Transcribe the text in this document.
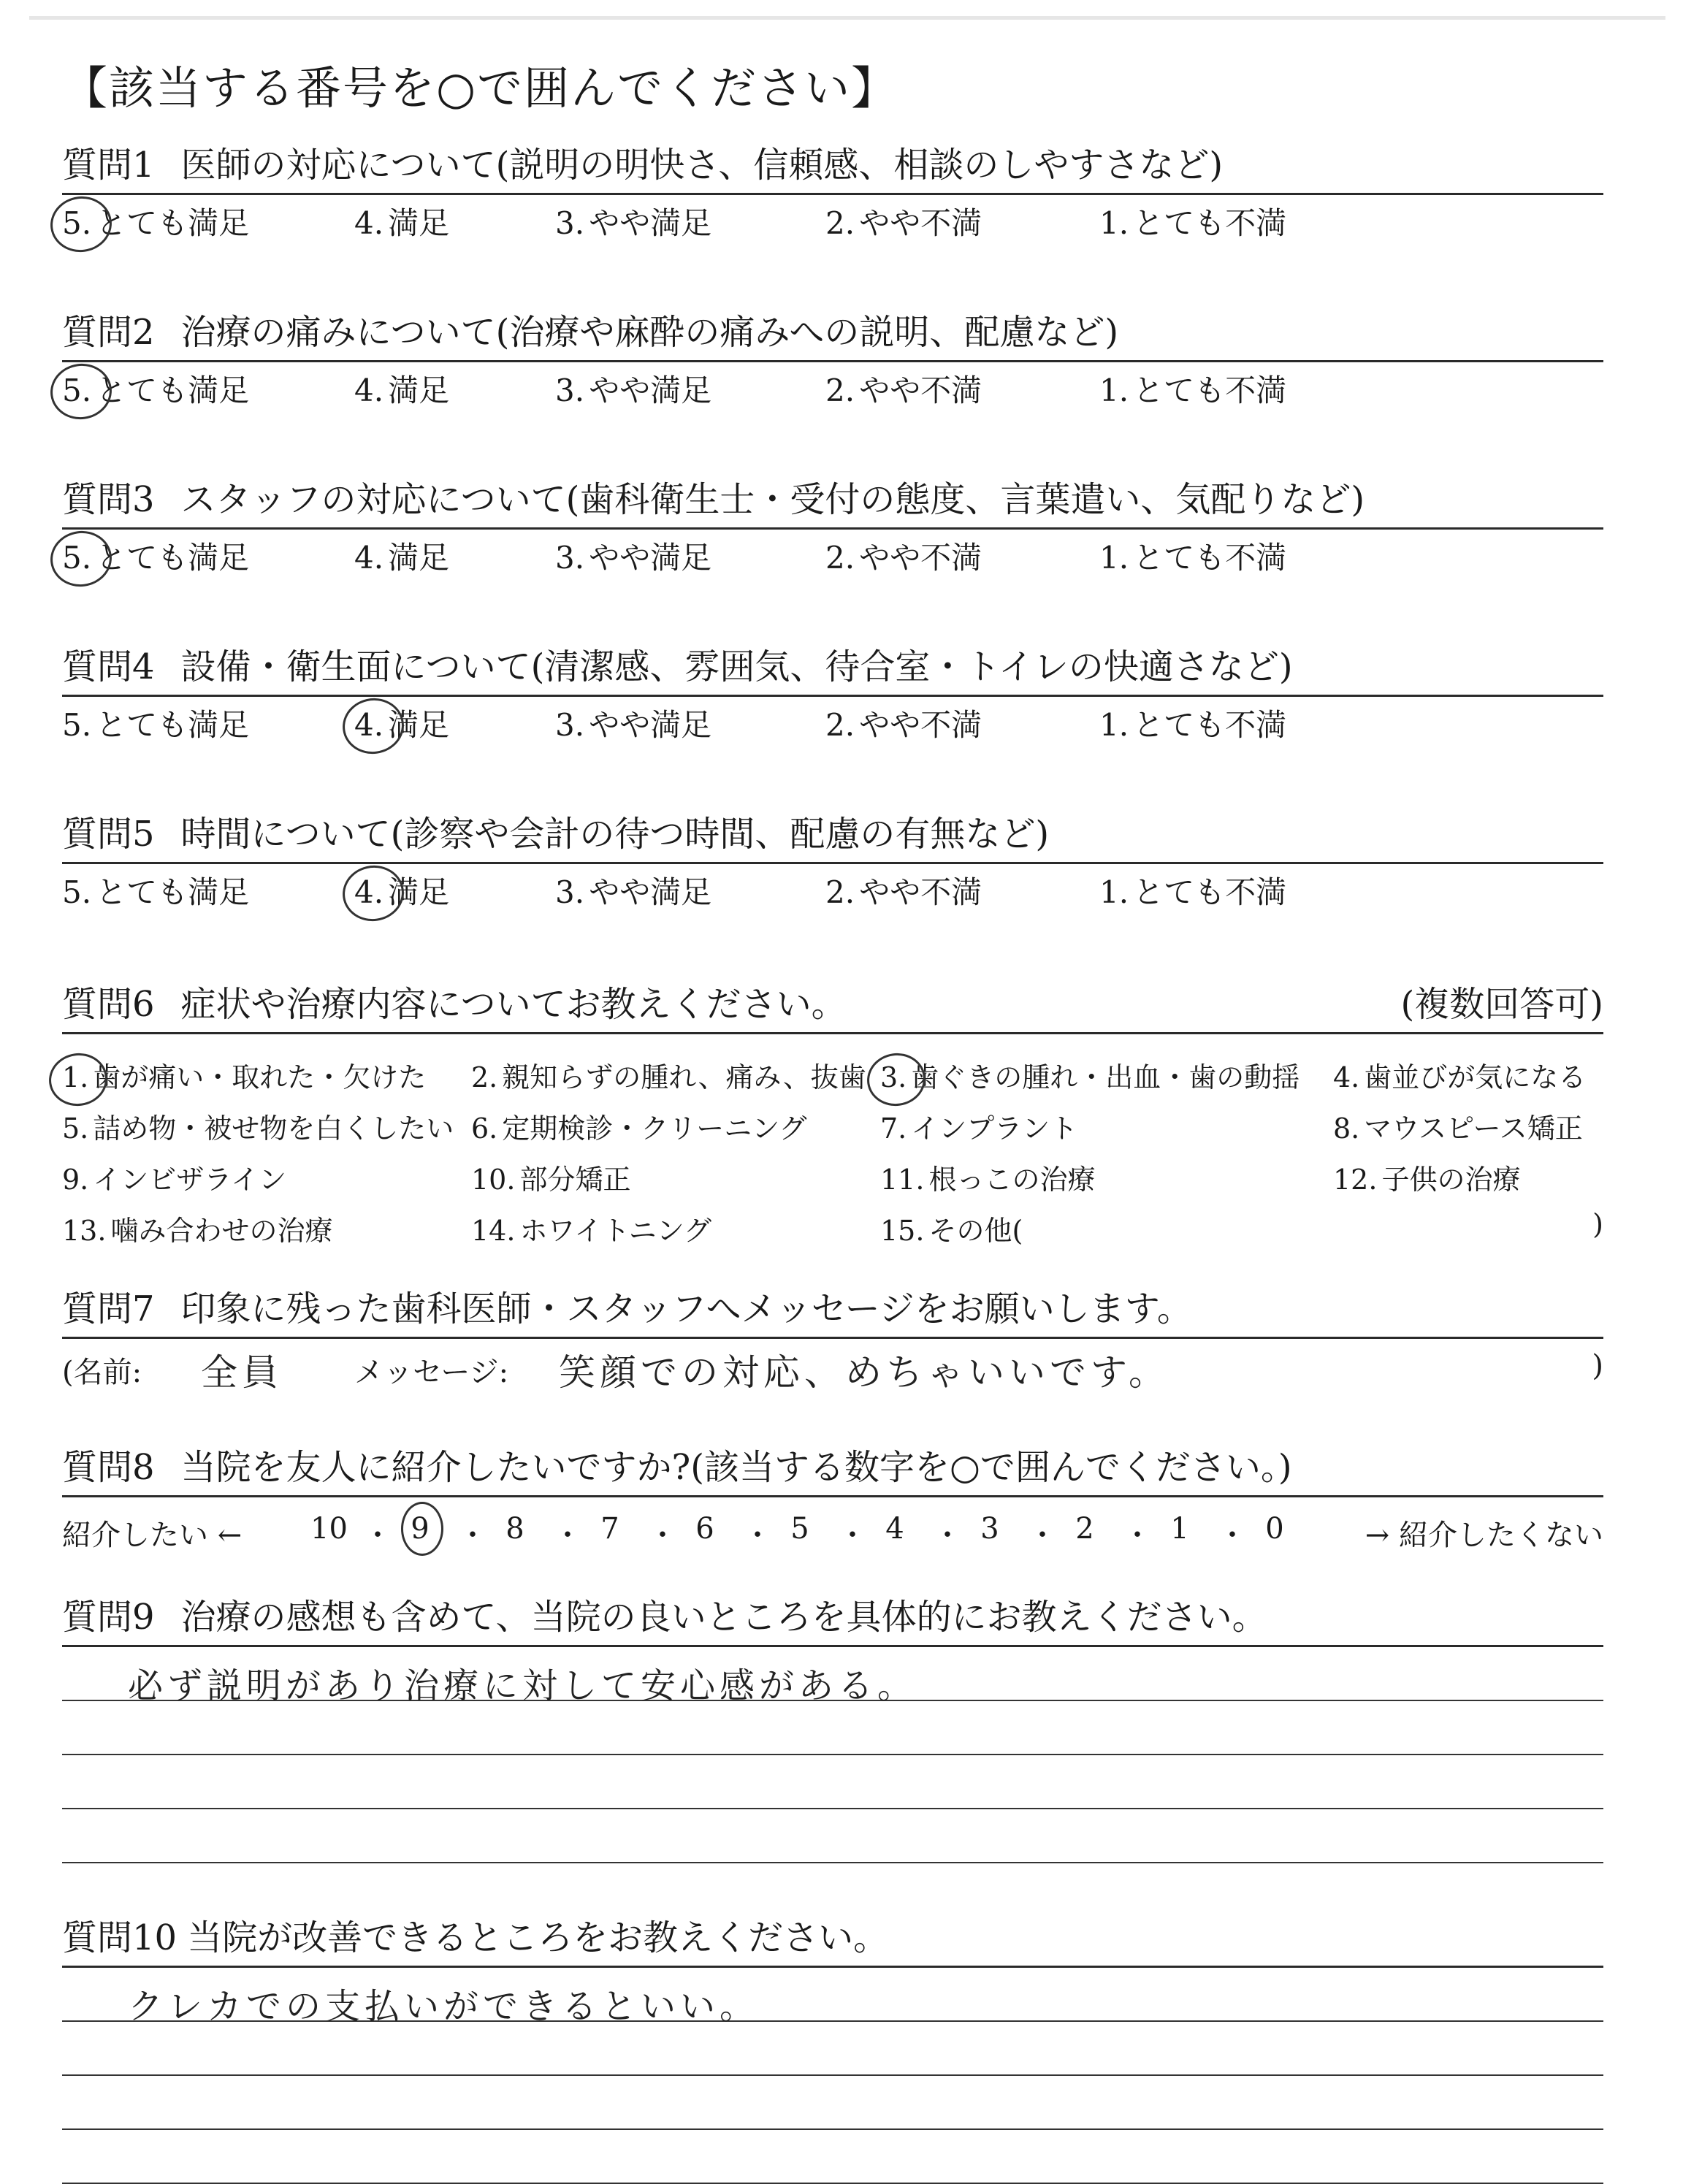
【該当する番号を○で囲んでください】
質問1 医師の対応について(説明の明快さ、信頼感、相談のしやすさなど)
5. とても満足	4. 満足	3. やや満足	2. やや不満	1. とても不満
質問2 治療の痛みについて(治療や麻酔の痛みへの説明、配慮など)
5. とても満足	4. 満足	3. やや満足	2. やや不満	1. とても不満
質問3 スタッフの対応について(歯科衛生士・受付の態度、言葉遣い、気配りなど)
5. とても満足	4. 満足	3. やや満足	2. やや不満	1. とても不満
質問4 設備・衛生面について(清潔感、雰囲気、待合室・トイレの快適さなど)
5. とても満足	4. 満足	3. やや満足	2. やや不満	1. とても不満
質問5 時間について(診察や会計の待つ時間、配慮の有無など)
5. とても満足	4. 満足	3. やや満足	2. やや不満	1. とても不満
質問6 症状や治療内容についてお教えください。	(複数回答可)
)
1. 歯が痛い・取れた・欠けた 2. 親知らずの腫れ、痛み、抜歯 3. 歯ぐきの腫れ・出血・歯の動揺 4. 歯並びが気になる
5. 詰め物・被せ物を白くしたい 6. 定期検診・クリーニング	7. インプラント	8. マウスピース矯正
9. インビザライン	10. 部分矯正	11. 根っこの治療	12. 子供の治療
13. 噛み合わせの治療	14. ホワイトニング	15. その他(
質問7 印象に残った歯科医師・スタッフへメッセージをお願いします。
(名前: 全員 メッセージ: 笑顔での対応、めちゃいいです。	)
質問8 当院を友人に紹介したいですか?(該当する数字を○で囲んでください。)
紹介したい ←	→ 紹介したくない
10 ・ 9 ・ 8 ・ 7 ・ 6 ・ 5 ・ 4 ・ 3 ・ 2 ・ 1 ・ 0
質問9 治療の感想も含めて、当院の良いところを具体的にお教えください。
必ず説明があり治療に対して安心感がある。
質問10 当院が改善できるところをお教えください。
クレカでの支払いができるといい。
